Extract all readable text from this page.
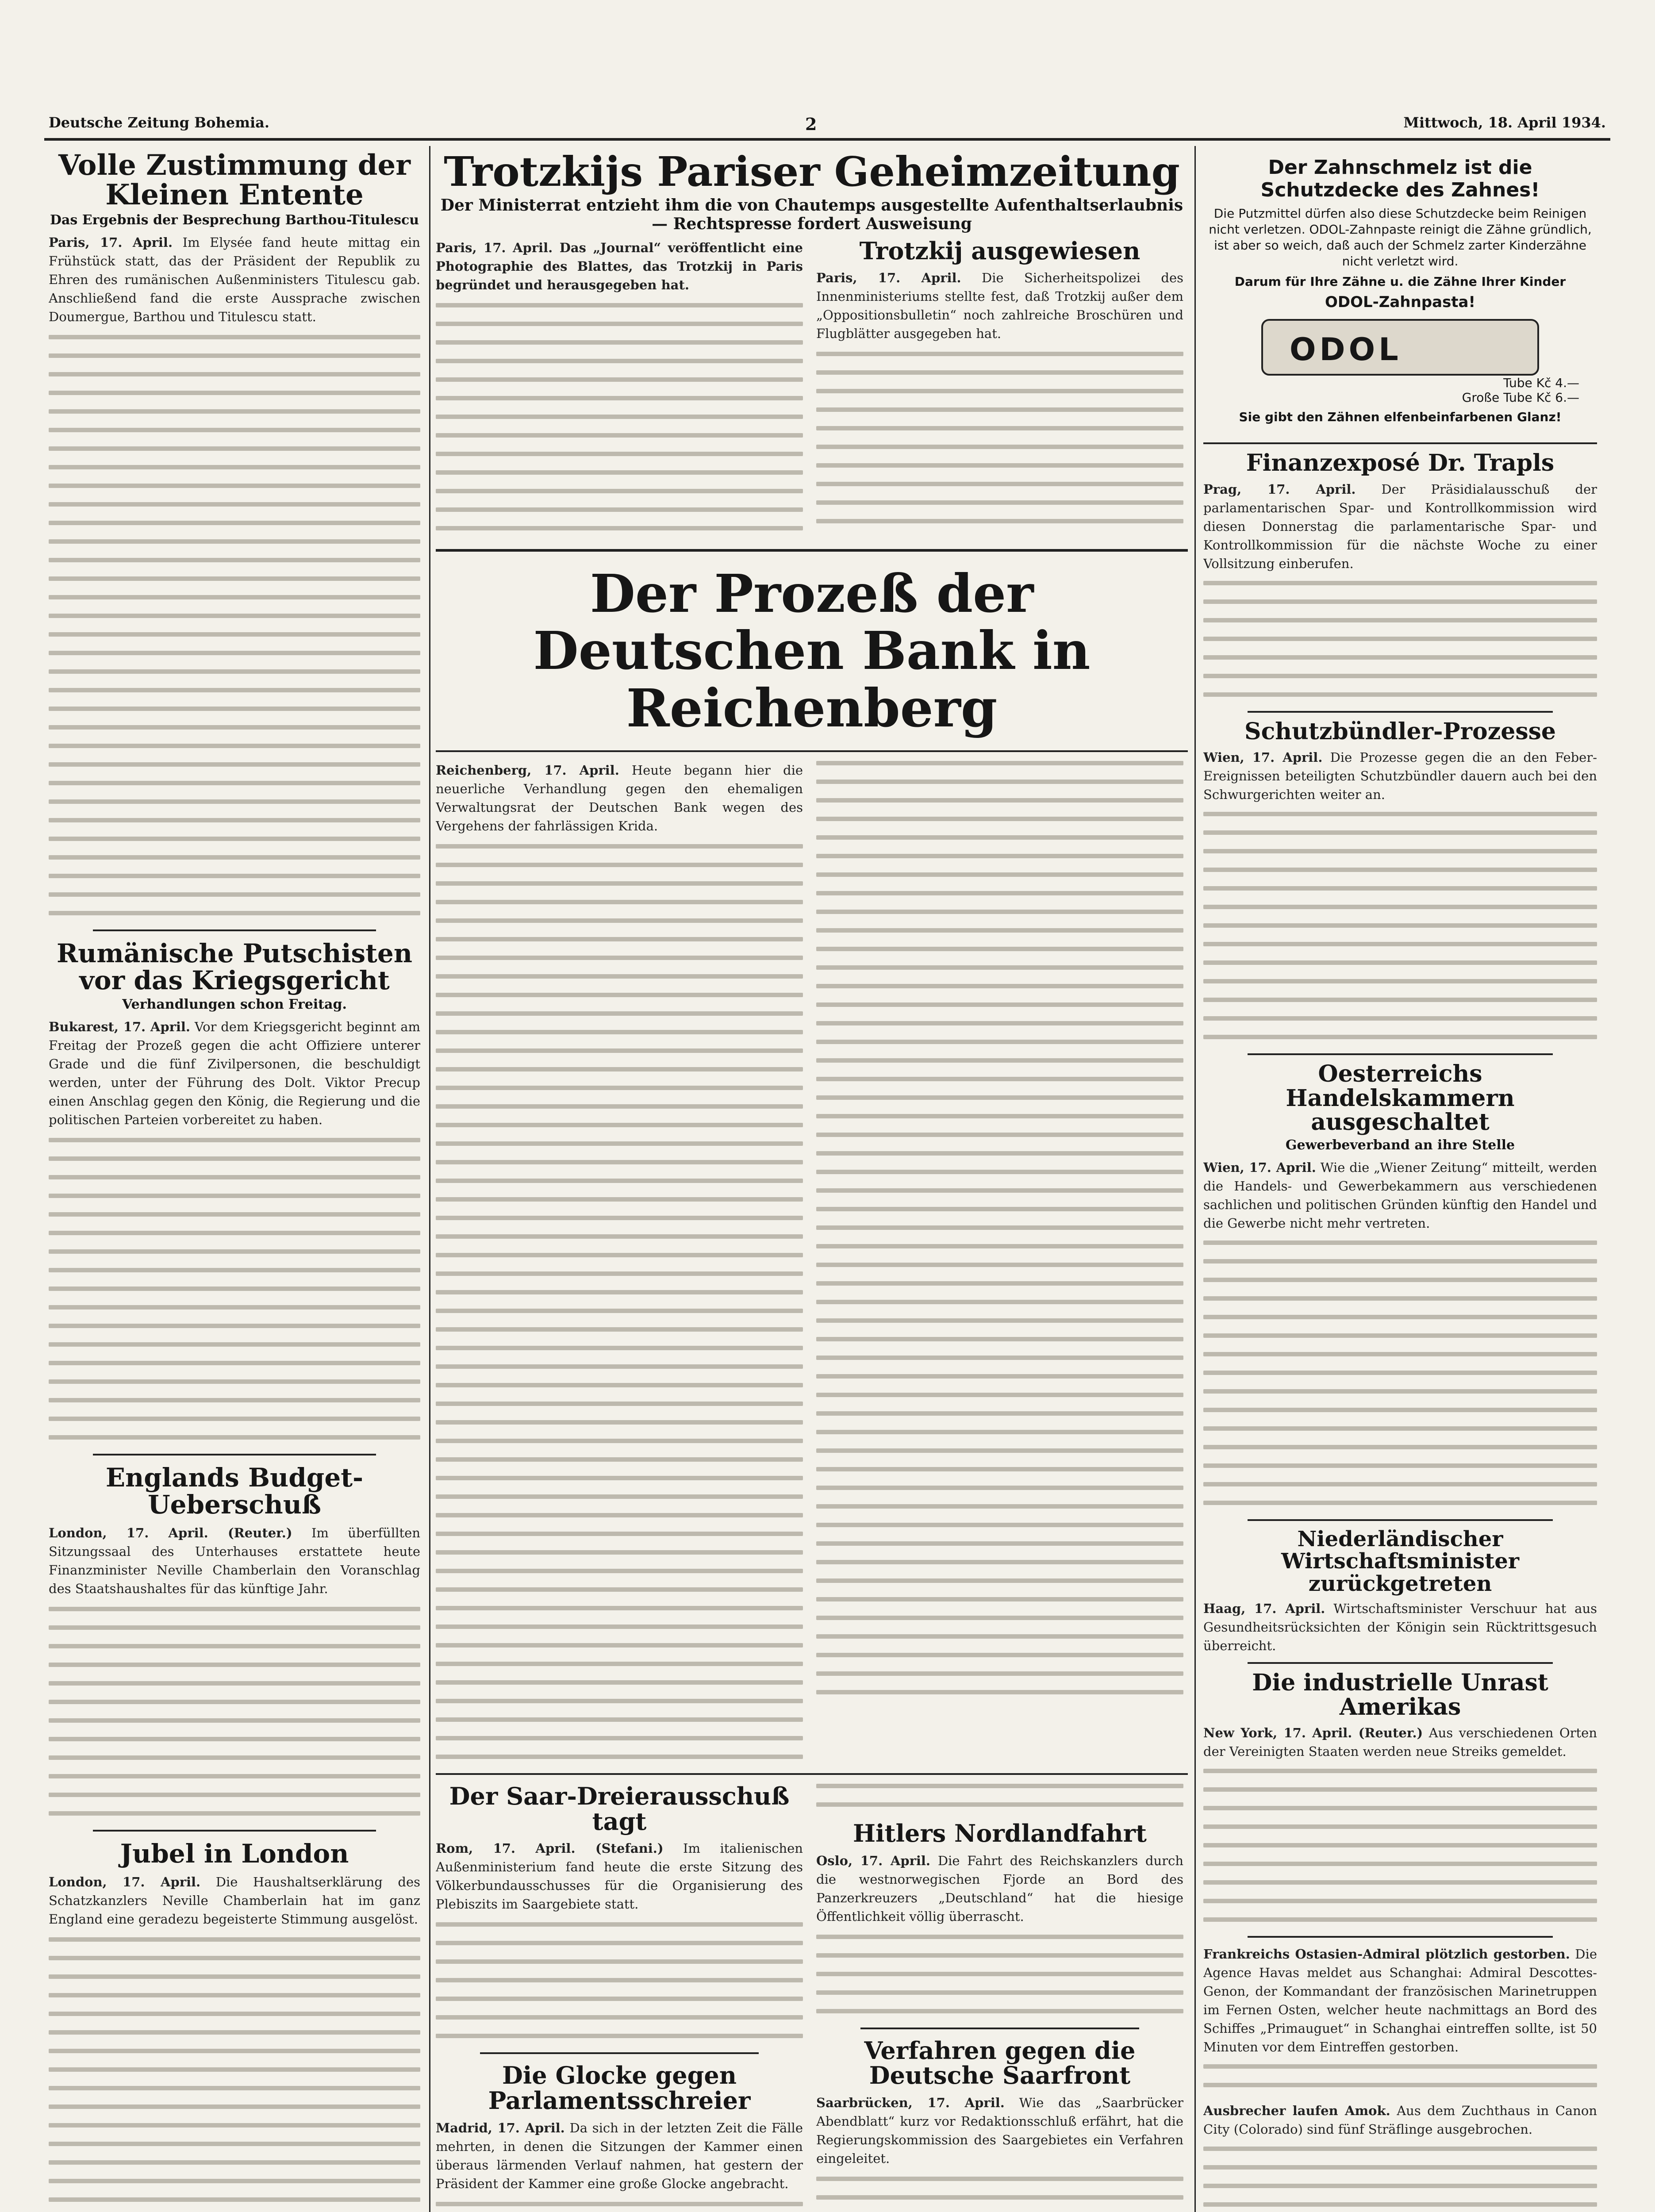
Deutsche Zeitung Bohemia.	2	Mittwoch, 18. April 1934.
Volle Zustimmung der Kleinen Entente

Das Ergebnis der Besprechung Barthou-Titulescu

Paris, 17. April. Im Elysée fand heute mittag ein Frühstück statt, das der Präsident der Republik zu Ehren des rumänischen Außenministers Titulescu gab. Anschließend fand die erste Aussprache zwischen Doumergue, Barthou und Titulescu statt.

Rumänische Putschisten vor das Kriegsgericht

Verhandlungen schon Freitag.

Bukarest, 17. April. Vor dem Kriegsgericht beginnt am Freitag der Prozeß gegen die acht Offiziere unterer Grade und die fünf Zivilpersonen, die beschuldigt werden, unter der Führung des Dolt. Viktor Precup einen Anschlag gegen den König, die Regierung und die politischen Parteien vorbereitet zu haben.

Englands Budget-Ueberschuß

London, 17. April. (Reuter.) Im überfüllten Sitzungssaal des Unterhauses erstattete heute Finanzminister Neville Chamberlain den Voranschlag des Staatshaushaltes für das künftige Jahr.

Jubel in London

London, 17. April. Die Haushaltserklärung des Schatzkanzlers Neville Chamberlain hat im ganz England eine geradezu begeisterte Stimmung ausgelöst.

Trotzkijs Pariser Geheimzeitung

Der Ministerrat entzieht ihm die von Chautemps ausgestellte Aufenthaltserlaubnis — Rechtspresse fordert Ausweisung

Paris, 17. April. Das „Journal“ veröffentlicht eine Photographie des Blattes, das Trotzkij in Paris begründet und herausgegeben hat.

Trotzkij ausgewiesen

Paris, 17. April. Die Sicherheitspolizei des Innenministeriums stellte fest, daß Trotzkij außer dem „Oppositionsbulletin“ noch zahlreiche Broschüren und Flugblätter ausgegeben hat.

Der Prozeß der Deutschen Bank in Reichenberg

Reichenberg, 17. April. Heute begann hier die neuerliche Verhandlung gegen den ehemaligen Verwaltungsrat der Deutschen Bank wegen des Vergehens der fahrlässigen Krida.

Der Saar-Dreierausschuß tagt

Rom, 17. April. (Stefani.) Im italienischen Außenministerium fand heute die erste Sitzung des Völkerbundausschusses für die Organisierung des Plebiszits im Saargebiete statt.

Die Glocke gegen Parlamentsschreier

Madrid, 17. April. Da sich in der letzten Zeit die Fälle mehrten, in denen die Sitzungen der Kammer einen überaus lärmenden Verlauf nahmen, hat gestern der Präsident der Kammer eine große Glocke angebracht.

Hitlers Nordlandfahrt

Oslo, 17. April. Die Fahrt des Reichskanzlers durch die westnorwegischen Fjorde an Bord des Panzerkreuzers „Deutschland“ hat die hiesige Öffentlichkeit völlig überrascht.

Verfahren gegen die Deutsche Saarfront

Saarbrücken, 17. April. Wie das „Saarbrücker Abendblatt“ kurz vor Redaktionsschluß erfährt, hat die Regierungskommission des Saargebietes ein Verfahren eingeleitet.

Der Zahnschmelz ist die Schutzdecke des Zahnes!

Die Putzmittel dürfen also diese Schutzdecke beim Reinigen nicht verletzen. ODOL-Zahnpaste reinigt die Zähne gründlich, ist aber so weich, daß auch der Schmelz zarter Kinderzähne nicht verletzt wird.

Darum für Ihre Zähne u. die Zähne Ihrer Kinder

ODOL-Zahnpasta!

ODOL
Tube Kč 4.—
Große Tube Kč 6.—

Sie gibt den Zähnen elfenbeinfarbenen Glanz!

Finanzexposé Dr. Trapls

Prag, 17. April. Der Präsidialausschuß der parlamentarischen Spar- und Kontrollkommission wird diesen Donnerstag die parlamentarische Spar- und Kontrollkommission für die nächste Woche zu einer Vollsitzung einberufen.

Schutzbündler-Prozesse

Wien, 17. April. Die Prozesse gegen die an den Feber-Ereignissen beteiligten Schutzbündler dauern auch bei den Schwurgerichten weiter an.

Oesterreichs Handelskammern ausgeschaltet

Gewerbeverband an ihre Stelle

Wien, 17. April. Wie die „Wiener Zeitung“ mitteilt, werden die Handels- und Gewerbekammern aus verschiedenen sachlichen und politischen Gründen künftig den Handel und die Gewerbe nicht mehr vertreten.

Niederländischer Wirtschaftsminister zurückgetreten

Haag, 17. April. Wirtschaftsminister Verschuur hat aus Gesundheitsrücksichten der Königin sein Rücktrittsgesuch überreicht.

Die industrielle Unrast Amerikas

New York, 17. April. (Reuter.) Aus verschiedenen Orten der Vereinigten Staaten werden neue Streiks gemeldet.

Frankreichs Ostasien-Admiral plötzlich gestorben. Die Agence Havas meldet aus Schanghai: Admiral Descottes-Genon, der Kommandant der französischen Marinetruppen im Fernen Osten, welcher heute nachmittags an Bord des Schiffes „Primauguet“ in Schanghai eintreffen sollte, ist 50 Minuten vor dem Eintreffen gestorben.

Ausbrecher laufen Amok. Aus dem Zuchthaus in Canon City (Colorado) sind fünf Sträflinge ausgebrochen.
